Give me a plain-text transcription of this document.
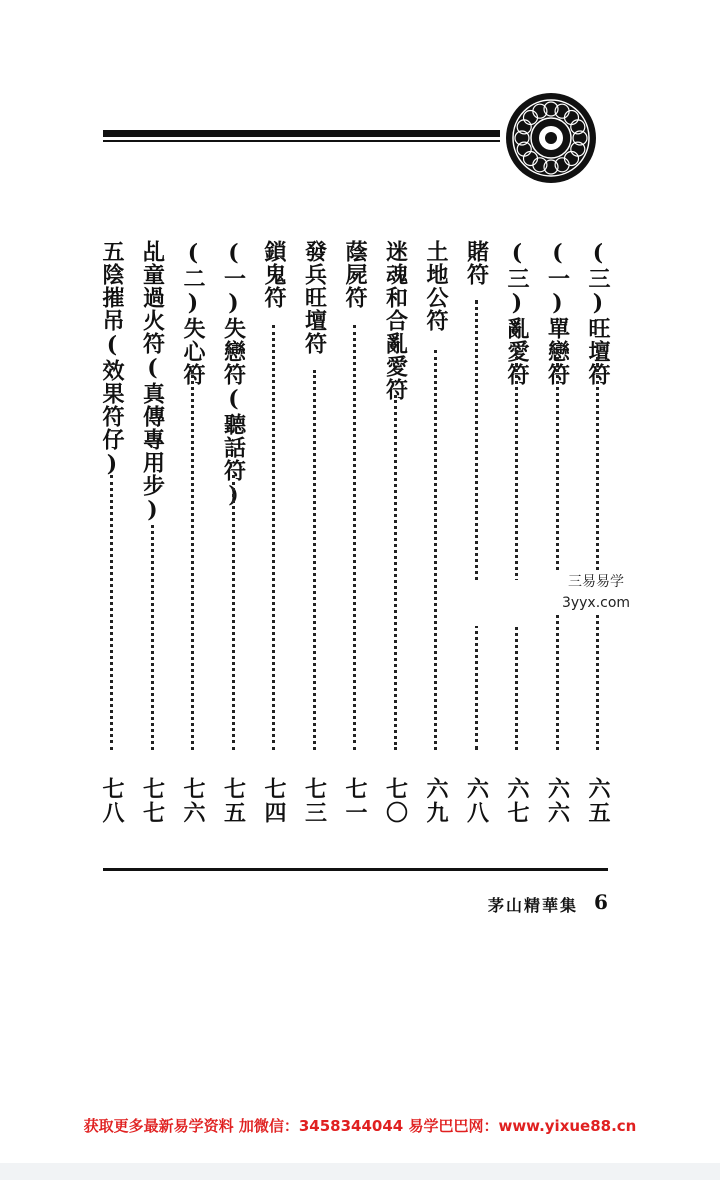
(三)旺壇符
六五
(一)單戀符
六六
(三)亂愛符
六七
賭符
六八
土地公符
六九
迷魂和合亂愛符
七〇
蔭屍符
七一
發兵旺壇符
七三
鎖鬼符
七四
(一)失戀符(聽話符)
七五
(二)失心符
七六
乩童過火符(真傳專用步)
七七
五陰摧吊(效果符仔)
七八
三易易学
3yyx.com
茅山精華集 6
获取更多最新易学资料 加微信：3458344044 易学巴巴网：www.yixue88.cn
